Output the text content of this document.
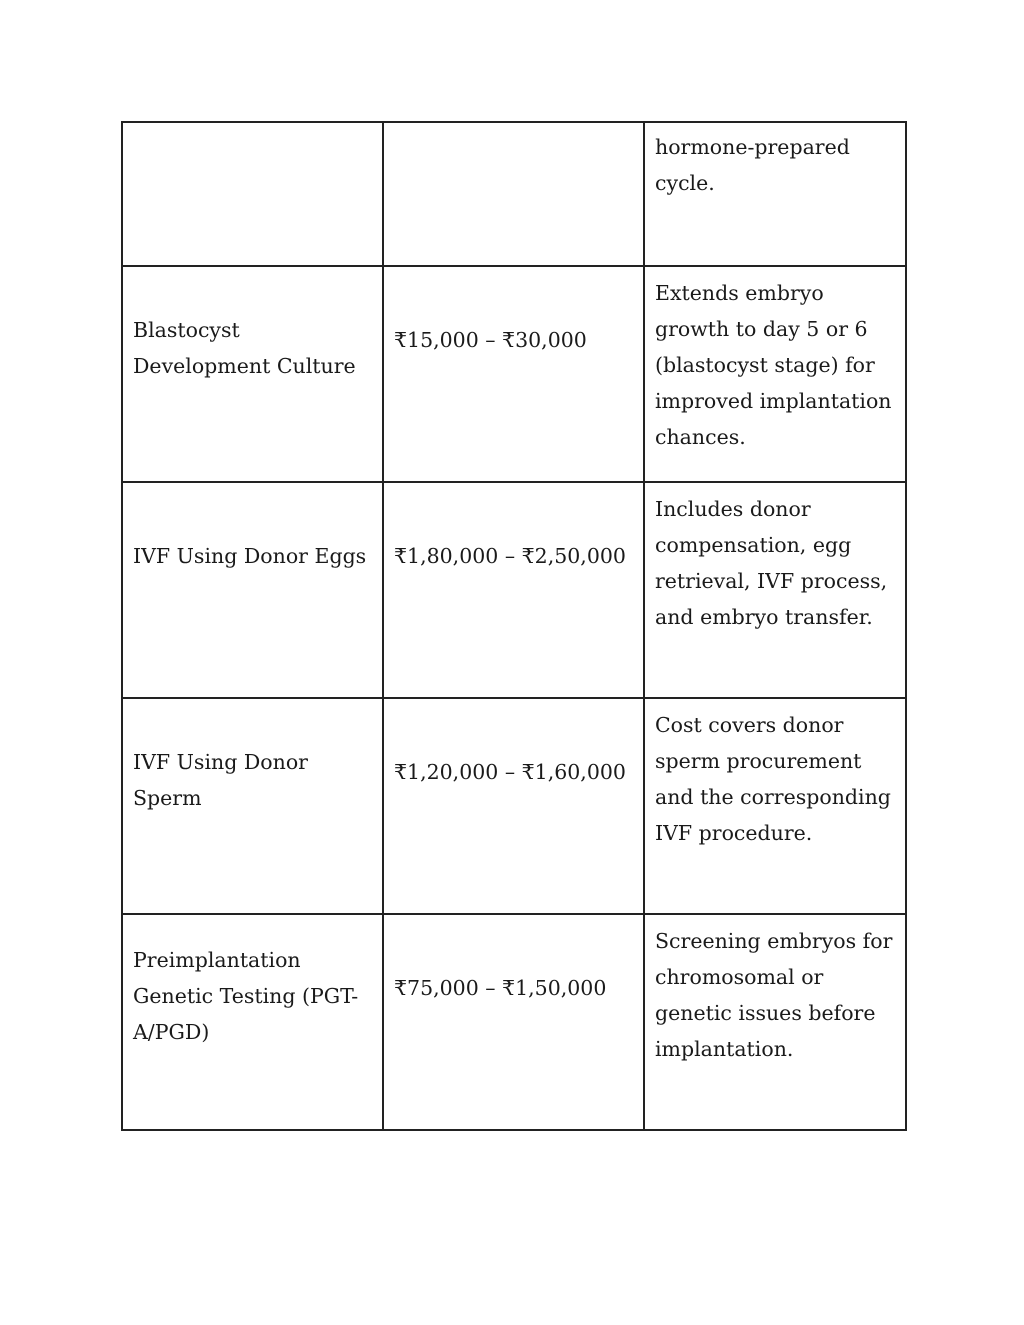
		hormone-prepared cycle.

Blastocyst Development Culture	₹15,000 – ₹30,000	Extends embryo growth to day 5 or 6 (blastocyst stage) for improved implantation chances.

IVF Using Donor Eggs	₹1,80,000 – ₹2,50,000	Includes donor compensation, egg retrieval, IVF process, and embryo transfer.

IVF Using Donor Sperm	₹1,20,000 – ₹1,60,000	Cost covers donor sperm procurement and the corresponding IVF procedure.

Preimplantation Genetic Testing (PGT-A/PGD)	₹75,000 – ₹1,50,000	Screening embryos for chromosomal or genetic issues before implantation.
